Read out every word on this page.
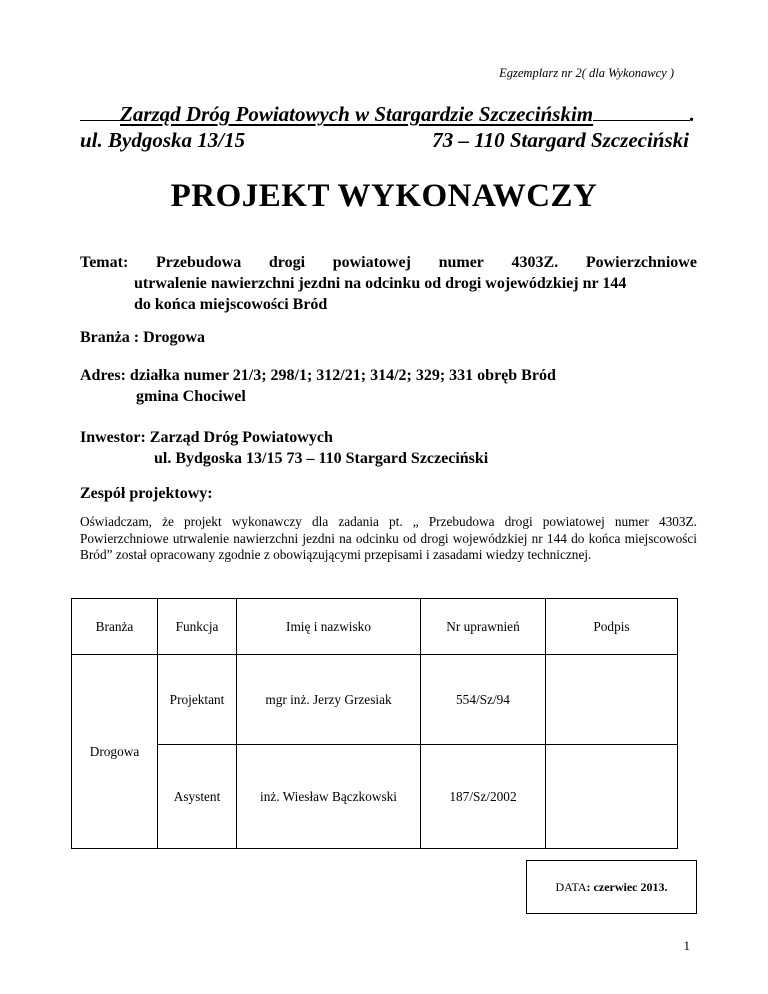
Egzemplarz nr 2( dla Wykonawcy )
Zarząd Dróg Powiatowych w Stargardzie Szczecińskim	.
ul. Bydgoska 13/15	73 – 110 Stargard Szczeciński
PROJEKT WYKONAWCZY
Temat: Przebudowa drogi powiatowej numer 4303Z. Powierzchniowe
utrwalenie nawierzchni jezdni na odcinku od drogi wojewódzkiej nr 144
do końca miejscowości Bród
Branża : Drogowa
Adres: działka numer 21/3; 298/1; 312/21; 314/2; 329; 331 obręb Bród
gmina Chociwel
Inwestor: Zarząd Dróg Powiatowych
ul. Bydgoska 13/15 73 – 110 Stargard Szczeciński
Zespół projektowy:
Oświadczam, że projekt wykonawczy dla zadania pt. „ Przebudowa drogi powiatowej numer 4303Z. Powierzchniowe utrwalenie nawierzchni jezdni na odcinku od drogi wojewódzkiej nr 144 do końca miejscowości Bród” został opracowany zgodnie z obowiązującymi przepisami i zasadami wiedzy technicznej.
Branża	Funkcja	Imię i nazwisko	Nr uprawnień	Podpis
Drogowa	Projektant	mgr inż. Jerzy Grzesiak	554/Sz/94	
	Asystent	inż. Wiesław Bączkowski	187/Sz/2002	
DATA : czerwiec 2013.
1
